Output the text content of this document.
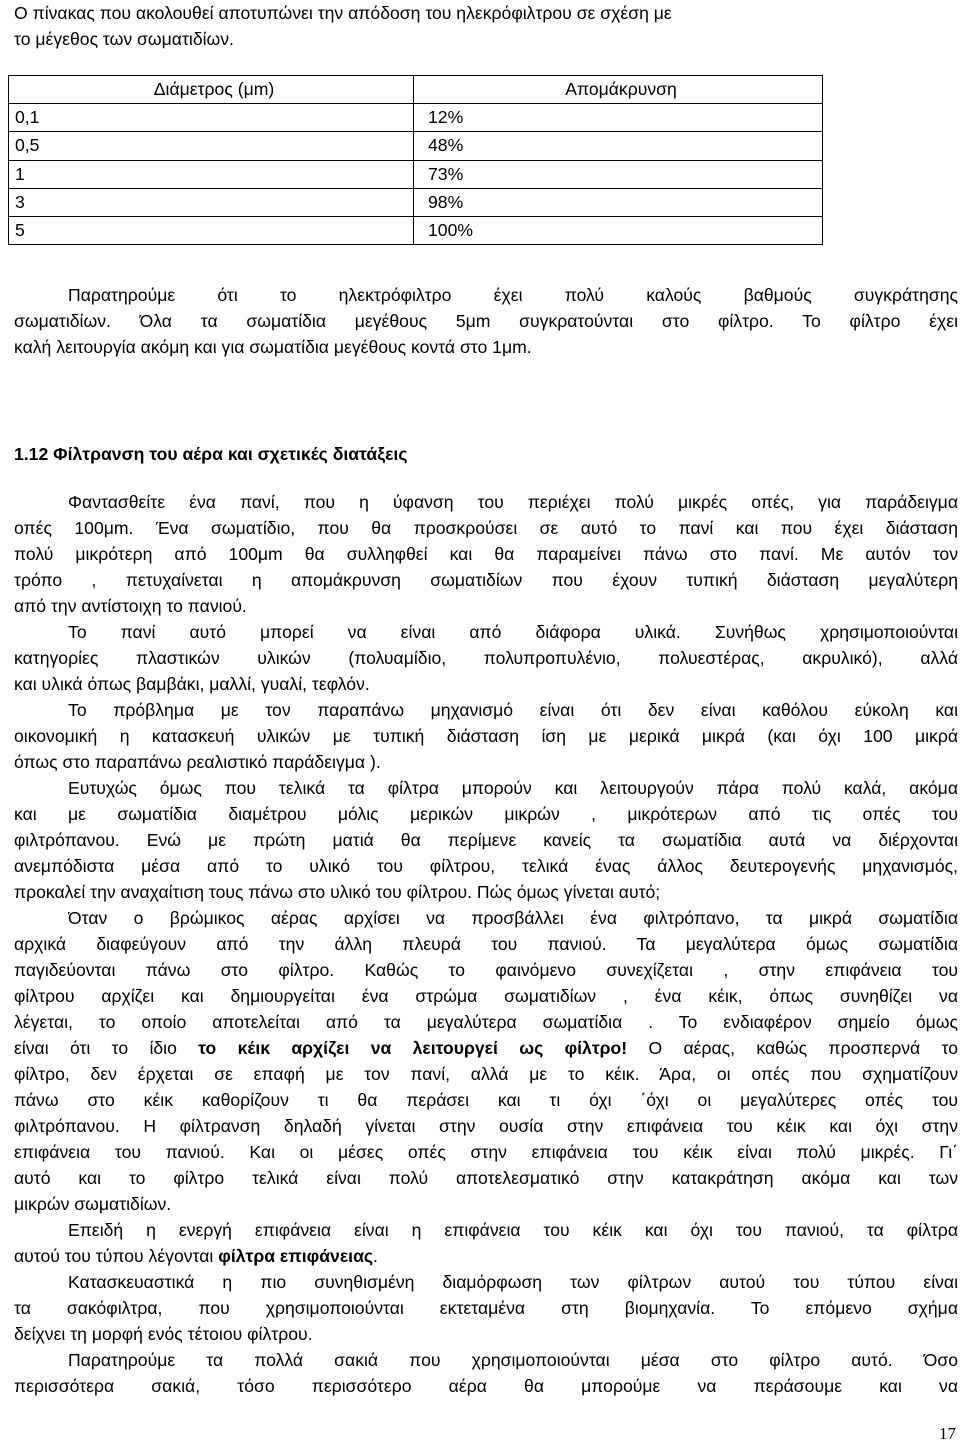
Ο πίνακας που ακολουθεί αποτυπώνει την απόδοση του ηλεκρόφιλτρου σε σχέση με
το μέγεθος των σωματιδίων.
Διάμετρος (μm)	Απομάκρυνση
0,1	12%
0,5	48%
1	73%
3	98%
5	100%
Παρατηρούμε ότι το ηλεκτρόφιλτρο έχει πολύ καλούς βαθμούς συγκράτησης
σωματιδίων. Όλα τα σωματίδια μεγέθους 5μm συγκρατούνται στο φίλτρο. Το φίλτρο έχει
καλή λειτουργία ακόμη και για σωματίδια μεγέθους κοντά στο 1μm.
1.12 Φίλτρανση του αέρα και σχετικές διατάξεις
Φαντασθείτε ένα πανί, που η ύφανση του περιέχει πολύ μικρές οπές, για παράδειγμα
οπές 100μm. Ένα σωματίδιο, που θα προσκρούσει σε αυτό το πανί και που έχει διάσταση
πολύ μικρότερη από 100μm θα συλληφθεί και θα παραμείνει πάνω στο πανί. Με αυτόν τον
τρόπο , πετυχαίνεται η απομάκρυνση σωματιδίων που έχουν τυπική διάσταση μεγαλύτερη
από την αντίστοιχη το πανιού.
Το πανί αυτό μπορεί να είναι από διάφορα υλικά. Συνήθως χρησιμοποιούνται
κατηγορίες πλαστικών υλικών (πολυαμίδιο, πολυπροπυλένιο, πολυεστέρας, ακρυλικό), αλλά
και υλικά όπως βαμβάκι, μαλλί, γυαλί, τεφλόν.
Το πρόβλημα με τον παραπάνω μηχανισμό είναι ότι δεν είναι καθόλου εύκολη και
οικονομική η κατασκευή υλικών με τυπική διάσταση ίση με μερικά μικρά (και όχι 100 μικρά
όπως στο παραπάνω ρεαλιστικό παράδειγμα ).
Ευτυχώς όμως που τελικά τα φίλτρα μπορούν και λειτουργούν πάρα πολύ καλά, ακόμα
και με σωματίδια διαμέτρου μόλις μερικών μικρών , μικρότερων από τις οπές του
φιλτρόπανου. Ενώ με πρώτη ματιά θα περίμενε κανείς τα σωματίδια αυτά να διέρχονται
ανεμπόδιστα μέσα από το υλικό του φίλτρου, τελικά ένας άλλος δευτερογενής μηχανισμός,
προκαλεί την αναχαίτιση τους πάνω στο υλικό του φίλτρου. Πώς όμως γίνεται αυτό;
Όταν ο βρώμικος αέρας αρχίσει να προσβάλλει ένα φιλτρόπανο, τα μικρά σωματίδια
αρχικά διαφεύγουν από την άλλη πλευρά του πανιού. Τα μεγαλύτερα όμως σωματίδια
παγιδεύονται πάνω στο φίλτρο. Καθώς το φαινόμενο συνεχίζεται , στην επιφάνεια του
φίλτρου αρχίζει και δημιουργείται ένα στρώμα σωματιδίων , ένα κέικ, όπως συνηθίζει να
λέγεται, το οποίο αποτελείται από τα μεγαλύτερα σωματίδια . Το ενδιαφέρον σημείο όμως
είναι ότι το ίδιο το κέικ αρχίζει να λειτουργεί ως φίλτρο! Ο αέρας, καθώς προσπερνά το
φίλτρο, δεν έρχεται σε επαφή με τον πανί, αλλά με το κέικ. Άρα, οι οπές που σχηματίζουν
πάνω στο κέικ καθορίζουν τι θα περάσει και τι όχι ΄όχι οι μεγαλύτερες οπές του
φιλτρόπανου. Η φίλτρανση δηλαδή γίνεται στην ουσία στην επιφάνεια του κέικ και όχι στην
επιφάνεια του πανιού. Και οι μέσες οπές στην επιφάνεια του κέικ είναι πολύ μικρές. Γι΄
αυτό και το φίλτρο τελικά είναι πολύ αποτελεσματικό στην κατακράτηση ακόμα και των
μικρών σωματιδίων.
Επειδή η ενεργή επιφάνεια είναι η επιφάνεια του κέικ και όχι του πανιού, τα φίλτρα
αυτού του τύπου λέγονται φίλτρα επιφάνειας.
Κατασκευαστικά η πιο συνηθισμένη διαμόρφωση των φίλτρων αυτού του τύπου είναι
τα σακόφιλτρα, που χρησιμοποιούνται εκτεταμένα στη βιομηχανία. Το επόμενο σχήμα
δείχνει τη μορφή ενός τέτοιου φίλτρου.
Παρατηρούμε τα πολλά σακιά που χρησιμοποιούνται μέσα στο φίλτρο αυτό. Όσο
περισσότερα σακιά, τόσο περισσότερο αέρα θα μπορούμε να περάσουμε και να
17
